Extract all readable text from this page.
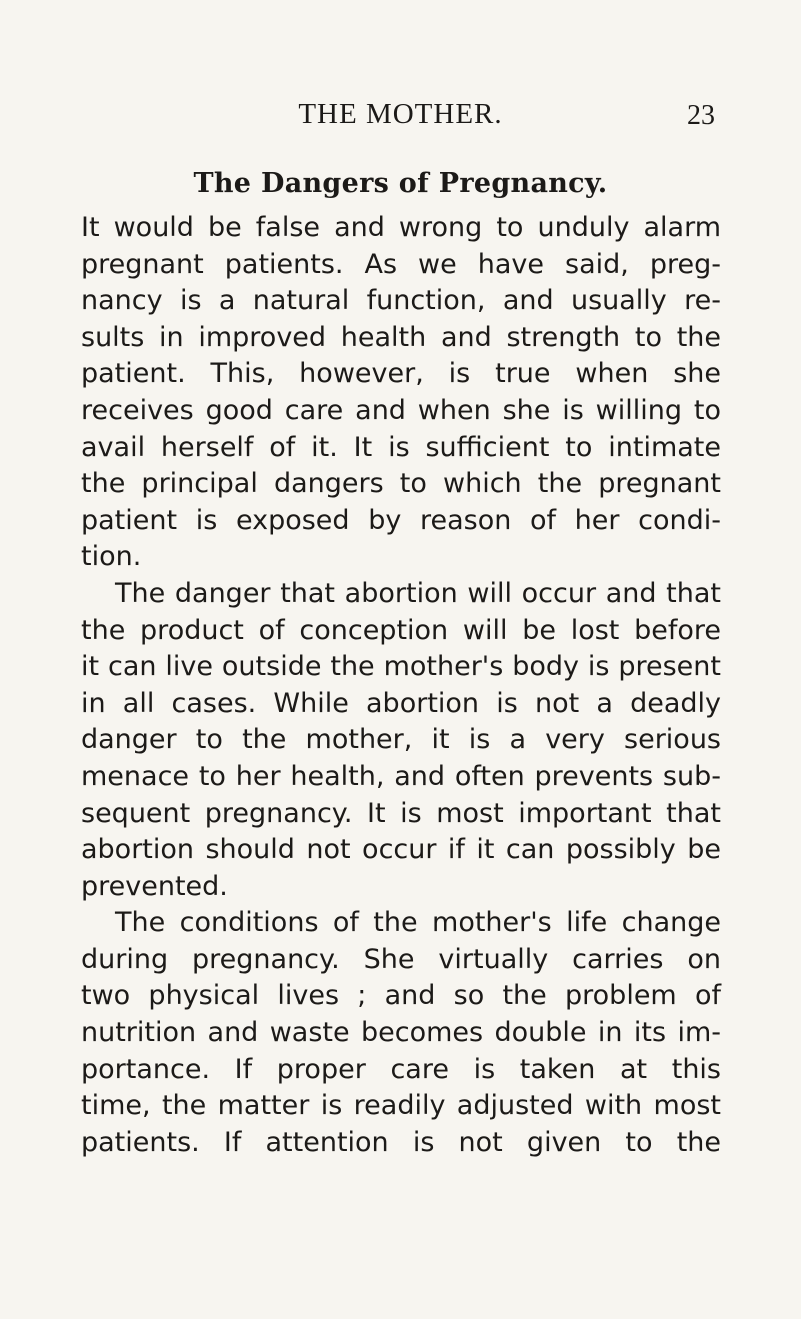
THE MOTHER.	23
The Dangers of Pregnancy.
It would be false and wrong to unduly alarm
pregnant patients. As we have said, preg-
nancy is a natural function, and usually re-
sults in improved health and strength to the
patient. This, however, is true when she
receives good care and when she is willing to
avail herself of it. It is sufficient to intimate
the principal dangers to which the pregnant
patient is exposed by reason of her condi-
tion.
The danger that abortion will occur and that
the product of conception will be lost before
it can live outside the mother's body is present
in all cases. While abortion is not a deadly
danger to the mother, it is a very serious
menace to her health, and often prevents sub-
sequent pregnancy. It is most important that
abortion should not occur if it can possibly be
prevented.
The conditions of the mother's life change
during pregnancy. She virtually carries on
two physical lives ; and so the problem of
nutrition and waste becomes double in its im-
portance. If proper care is taken at this
time, the matter is readily adjusted with most
patients. If attention is not given to the
